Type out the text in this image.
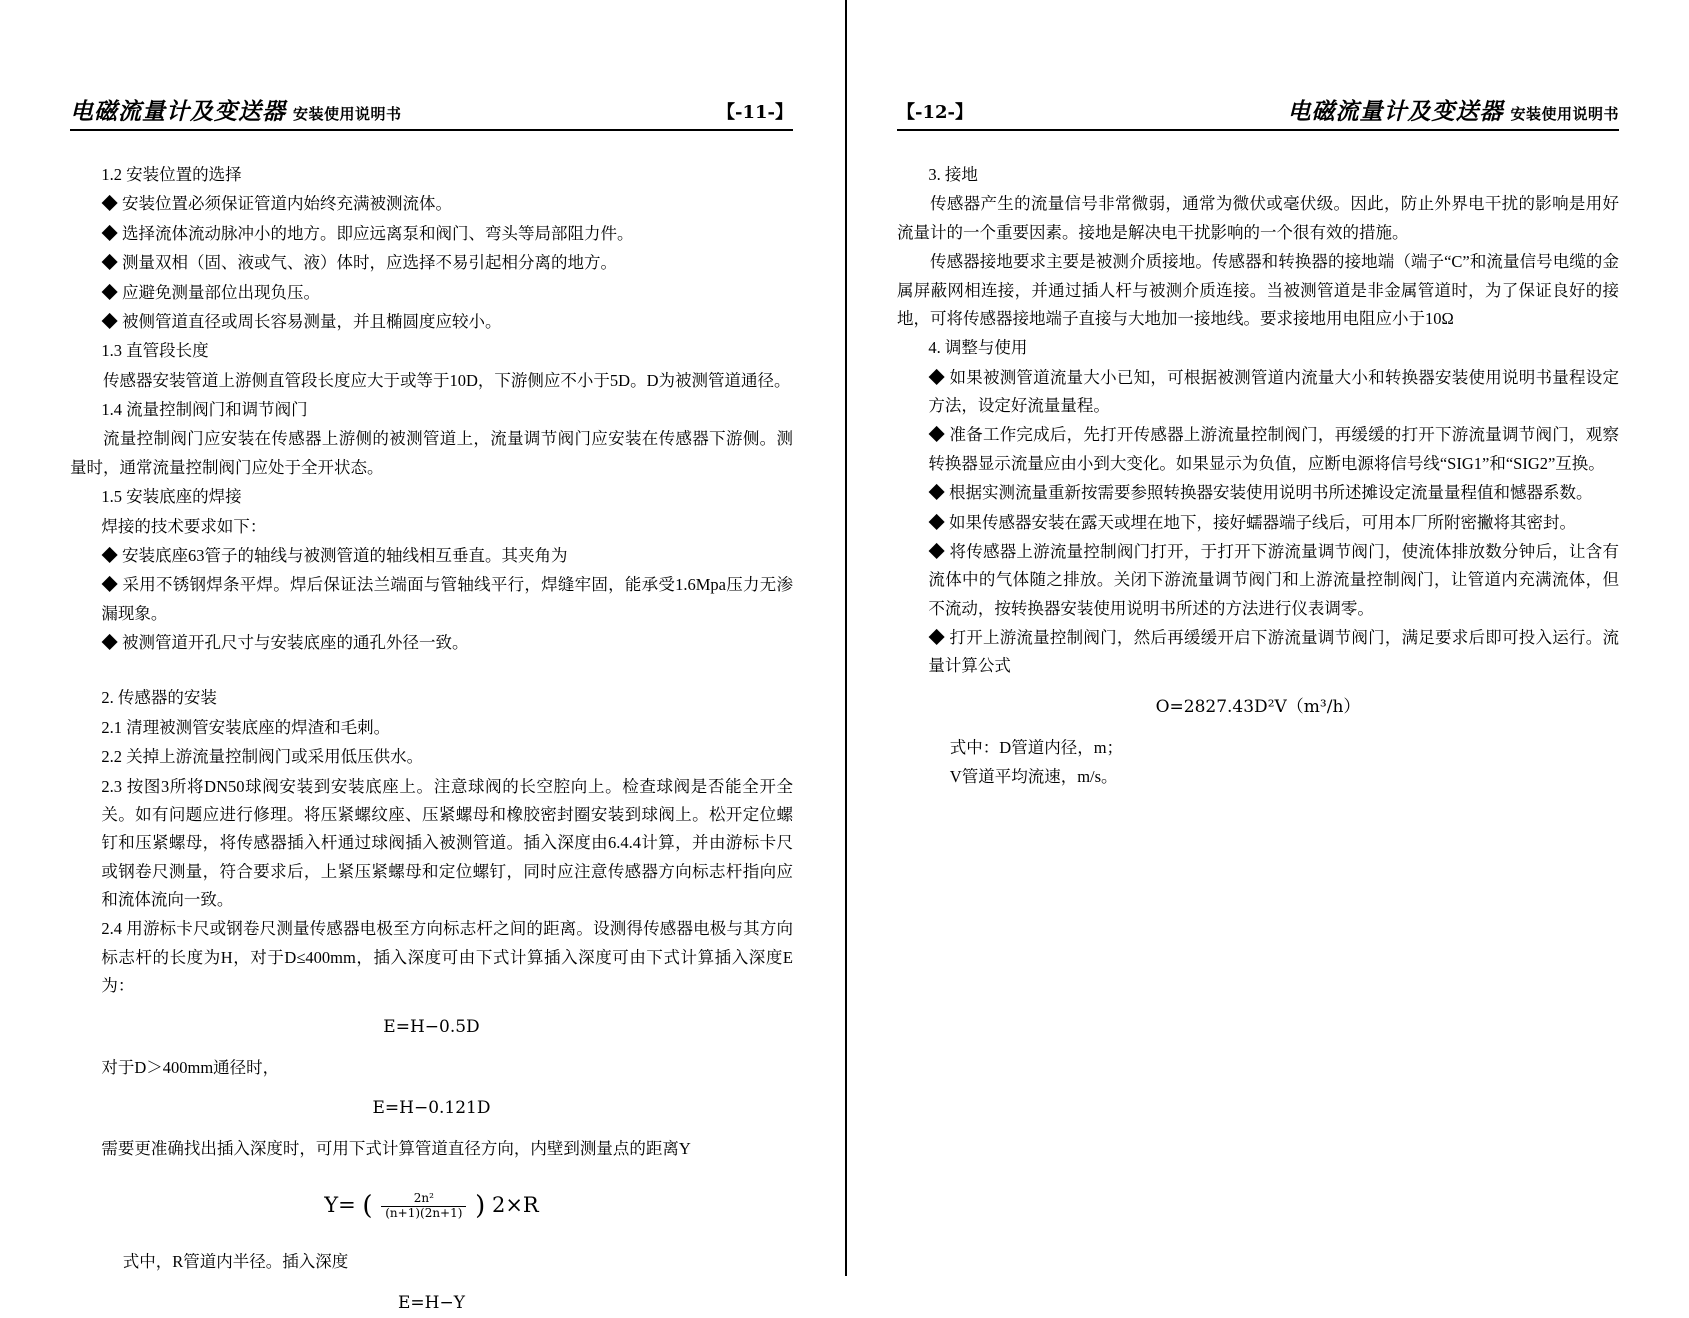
电磁流量计及变送器 安装使用说明书	【-11-】

1.2 安装位置的选择

◆ 安装位置必须保证管道内始终充满被测流体。

◆ 选择流体流动脉冲小的地方。即应远离泵和阀门、弯头等局部阻力件。

◆ 测量双相（固、液或气、液）体时，应选择不易引起相分离的地方。

◆ 应避免测量部位出现负压。

◆ 被侧管道直径或周长容易测量，并且椭圆度应较小。

1.3 直管段长度

传感器安装管道上游侧直管段长度应大于或等于10D，下游侧应不小于5D。D为被测管道通径。

1.4 流量控制阀门和调节阀门

流量控制阀门应安装在传感器上游侧的被测管道上，流量调节阀门应安装在传感器下游侧。测量时，通常流量控制阀门应处于全开状态。

1.5 安装底座的焊接

焊接的技术要求如下：

◆ 安装底座63管子的轴线与被测管道的轴线相互垂直。其夹角为

◆ 采用不锈钢焊条平焊。焊后保证法兰端面与管轴线平行，焊缝牢固，能承受1.6Mpa压力无渗漏现象。

◆ 被测管道开孔尺寸与安装底座的通孔外径一致。

2. 传感器的安装

2.1 清理被测管安装底座的焊渣和毛刺。

2.2 关掉上游流量控制阀门或采用低压供水。

2.3 按图3所将DN50球阀安装到安装底座上。注意球阀的长空腔向上。检查球阀是否能全开全关。如有问题应进行修理。将压紧螺纹座、压紧螺母和橡胶密封圈安装到球阀上。松开定位螺钉和压紧螺母，将传感器插入杆通过球阀插入被测管道。插入深度由6.4.4计算，并由游标卡尺或钢卷尺测量，符合要求后，上紧压紧螺母和定位螺钉，同时应注意传感器方向标志杆指向应和流体流向一致。

2.4 用游标卡尺或钢卷尺测量传感器电极至方向标志杆之间的距离。设测得传感器电极与其方向标志杆的长度为H，对于D≤400mm，插入深度可由下式计算插入深度可由下式计算插入深度E为：

E=H−0.5D

对于D＞400mm通径时，

E=H−0.121D

需要更准确找出插入深度时，可用下式计算管道直径方向，内壁到测量点的距离Y

Y= ( $\frac{\text{2n²}}{(n+1)(2n+1)}$ ) 2×R

式中，R管道内半径。插入深度

E=H−Y
【-12-】	电磁流量计及变送器 安装使用说明书

3. 接地

传感器产生的流量信号非常微弱，通常为微伏或毫伏级。因此，防止外界电干扰的影响是用好流量计的一个重要因素。接地是解决电干扰影响的一个很有效的措施。

传感器接地要求主要是被测介质接地。传感器和转换器的接地端（端子“C”和流量信号电缆的金属屏蔽网相连接，并通过插人杆与被测介质连接。当被测管道是非金属管道时，为了保证良好的接地，可将传感器接地端子直接与大地加一接地线。要求接地用电阻应小于10Ω

4. 调整与使用

◆ 如果被测管道流量大小已知，可根据被测管道内流量大小和转换器安装使用说明书量程设定方法，设定好流量量程。

◆ 准备工作完成后，先打开传感器上游流量控制阀门，再缓缓的打开下游流量调节阀门，观察转换器显示流量应由小到大变化。如果显示为负值，应断电源将信号线“SIG1”和“SIG2”互换。

◆ 根据实测流量重新按需要参照转换器安装使用说明书所述摊设定流量量程值和憾器系数。

◆ 如果传感器安装在露天或埋在地下，接好蠕器端子线后，可用本厂所附密撇将其密封。

◆ 将传感器上游流量控制阀门打开，于打开下游流量调节阀门，使流体排放数分钟后，让含有流体中的气体随之排放。关闭下游流量调节阀门和上游流量控制阀门，让管道内充满流体，但不流动，按转换器安装使用说明书所述的方法进行仪表调零。

◆ 打开上游流量控制阀门，然后再缓缓开启下游流量调节阀门，满足要求后即可投入运行。流量计算公式

O=2827.43D²V（m³/h）

式中：D管道内径，m；

V管道平均流速，m/s。
